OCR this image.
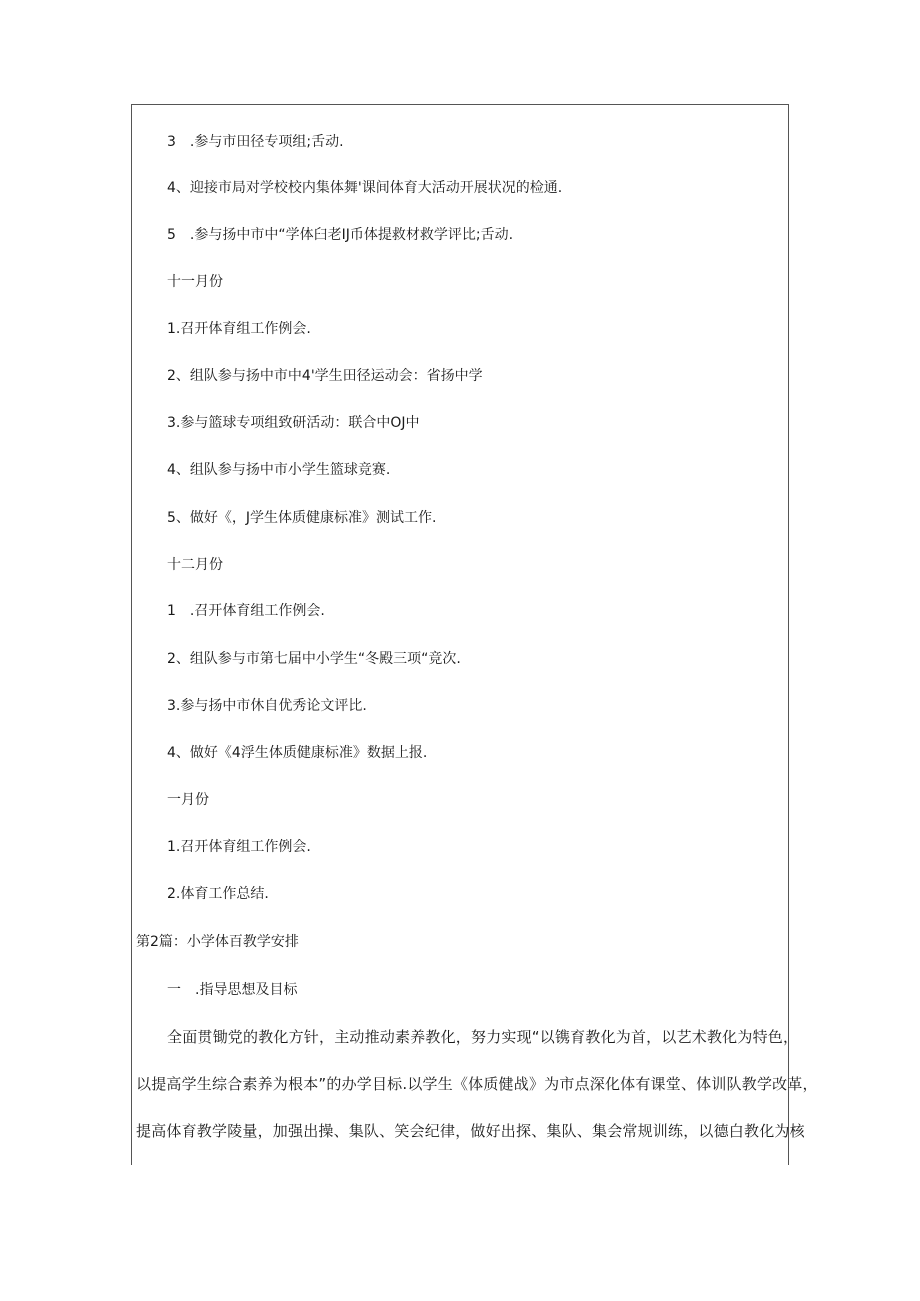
3　.参与市田径专项组;舌动.
4、迎接市局对学校校内集体舞'课间体育大活动开展状况的检通.
5　.参与扬中市中“学体臼老IJ币体提救材救学评比;舌动.
十一月份
1.召开体育组工作例会.
2、组队参与扬中市中4'学生田径运动会：省扬中学
3.参与篮球专项组致研活动：联合中OJ中
4、组队参与扬中市小学生篮球竞赛.
5、做好《，J学生体质健康标准》测试工作.
十二月份
1　.召开体育组工作例会.
2、组队参与市第七届中小学生“冬殿三项“竞次.
3.参与扬中市休自优秀论文评比.
4、做好《4浮生体质健康标准》数据上报.
一月份
1.召开体育组工作例会.
2.体育工作总结.
第2篇：小学体百教学安排
一　.指导思想及目标
全面贯锄党的教化方针，主动推动素养教化，努力实现“以镌育教化为首，以艺术教化为特色，
以提高学生综合素养为根本”的办学目标.以学生《体质健战》为市点深化体有课堂、体训队教学改革，
提高体育教学陵量，加强出操、集队、笑会纪律，做好出探、集队、集会常规训练，以德白教化为核
